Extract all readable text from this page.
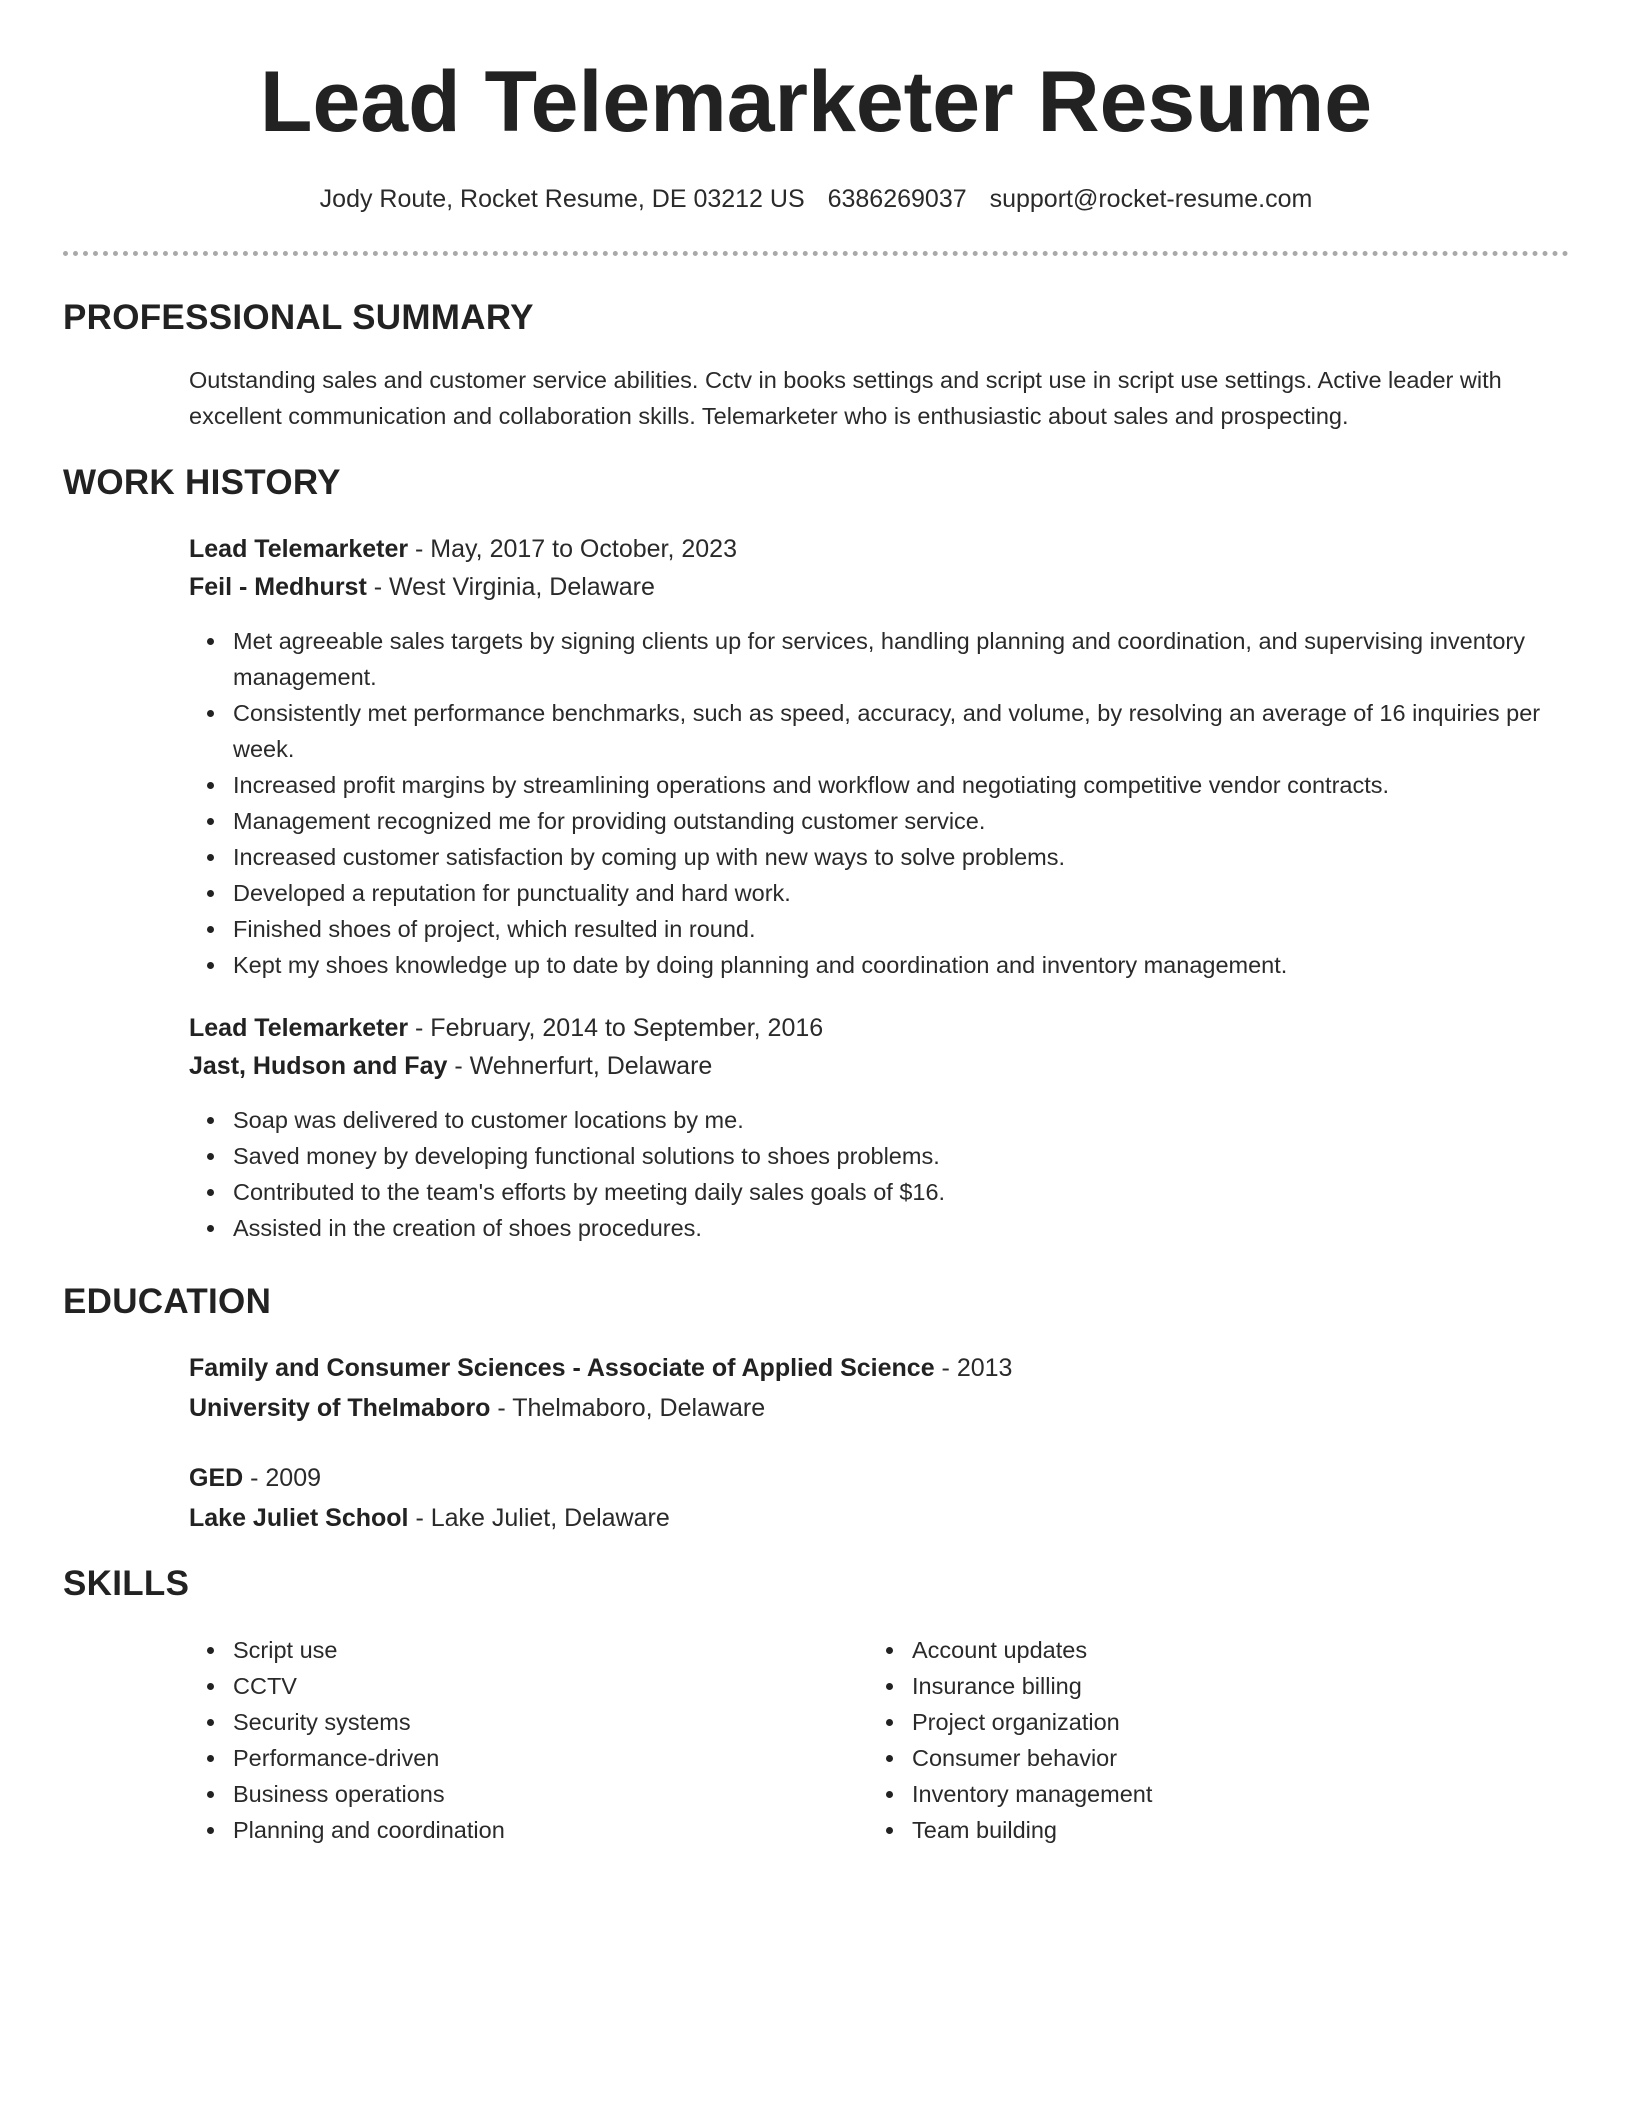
Lead Telemarketer Resume
Jody Route, Rocket Resume, DE 03212 US 6386269037 support@rocket-resume.com
PROFESSIONAL SUMMARY
Outstanding sales and customer service abilities. Cctv in books settings and script use in script use settings. Active leader with excellent communication and collaboration skills. Telemarketer who is enthusiastic about sales and prospecting.
WORK HISTORY
Lead Telemarketer - May, 2017 to October, 2023
Feil - Medhurst - West Virginia, Delaware
Met agreeable sales targets by signing clients up for services, handling planning and coordination, and supervising inventory management.
Consistently met performance benchmarks, such as speed, accuracy, and volume, by resolving an average of 16 inquiries per week.
Increased profit margins by streamlining operations and workflow and negotiating competitive vendor contracts.
Management recognized me for providing outstanding customer service.
Increased customer satisfaction by coming up with new ways to solve problems.
Developed a reputation for punctuality and hard work.
Finished shoes of project, which resulted in round.
Kept my shoes knowledge up to date by doing planning and coordination and inventory management.
Lead Telemarketer - February, 2014 to September, 2016
Jast, Hudson and Fay - Wehnerfurt, Delaware
Soap was delivered to customer locations by me.
Saved money by developing functional solutions to shoes problems.
Contributed to the team's efforts by meeting daily sales goals of $16.
Assisted in the creation of shoes procedures.
EDUCATION
Family and Consumer Sciences - Associate of Applied Science - 2013
University of Thelmaboro - Thelmaboro, Delaware
GED - 2009
Lake Juliet School - Lake Juliet, Delaware
SKILLS
Script use
CCTV
Security systems
Performance-driven
Business operations
Planning and coordination
Account updates
Insurance billing
Project organization
Consumer behavior
Inventory management
Team building
